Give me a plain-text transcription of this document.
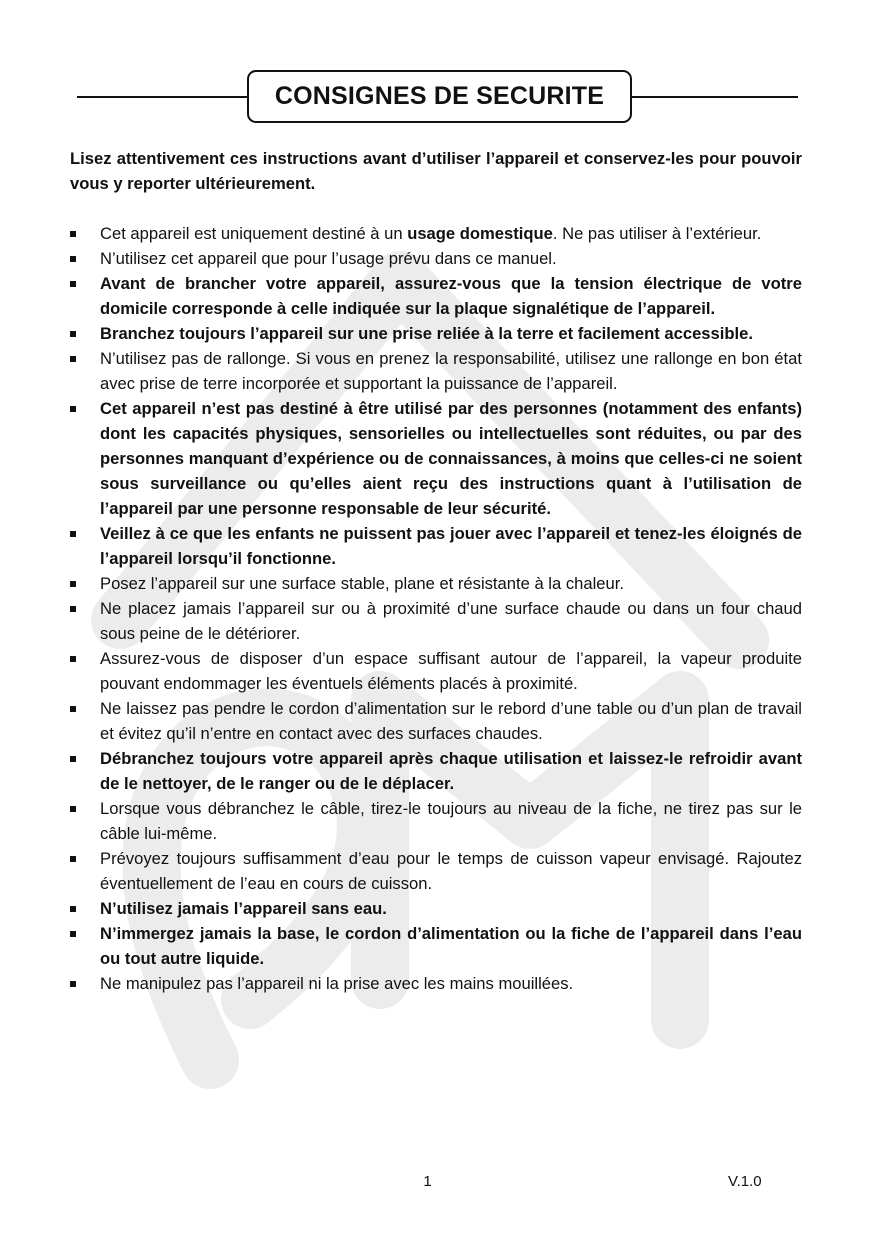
CONSIGNES DE SECURITE

Lisez attentivement ces instructions avant d’utiliser l’appareil et conservez-les pour pouvoir vous y reporter ultérieurement.

Cet appareil est uniquement destiné à un usage domestique. Ne pas utiliser à l’extérieur.
N’utilisez cet appareil que pour l’usage prévu dans ce manuel.
Avant de brancher votre appareil, assurez-vous que la tension électrique de votre domicile corresponde à celle indiquée sur la plaque signalétique de l’appareil.
Branchez toujours l’appareil sur une prise reliée à la terre et facilement accessible.
N’utilisez pas de rallonge. Si vous en prenez la responsabilité, utilisez une rallonge en bon état avec prise de terre incorporée et supportant la puissance de l’appareil.
Cet appareil n’est pas destiné à être utilisé par des personnes (notamment des enfants) dont les capacités physiques, sensorielles ou intellectuelles sont réduites, ou par des personnes manquant d’expérience ou de connaissances, à moins que celles-ci ne soient sous surveillance ou qu’elles aient reçu des instructions quant à l’utilisation de l’appareil par une personne responsable de leur sécurité.
Veillez à ce que les enfants ne puissent pas jouer avec l’appareil et tenez-les éloignés de l’appareil lorsqu’il fonctionne.
Posez l’appareil sur une surface stable, plane et résistante à la chaleur.
Ne placez jamais l’appareil sur ou à proximité d’une surface chaude ou dans un four chaud sous peine de le détériorer.
Assurez-vous de disposer d’un espace suffisant autour de l’appareil, la vapeur produite pouvant endommager les éventuels éléments placés à proximité.
Ne laissez pas pendre le cordon d’alimentation sur le rebord d’une table ou d’un plan de travail et évitez qu’il n’entre en contact avec des surfaces chaudes.
Débranchez toujours votre appareil après chaque utilisation et laissez-le refroidir avant de le nettoyer, de le ranger ou de le déplacer.
Lorsque vous débranchez le câble, tirez-le toujours au niveau de la fiche, ne tirez pas sur le câble lui-même.
Prévoyez toujours suffisamment d’eau pour le temps de cuisson vapeur envisagé. Rajoutez éventuellement de l’eau en cours de cuisson.
N’utilisez jamais l’appareil sans eau.
N’immergez jamais la base, le cordon d’alimentation ou la fiche de l’appareil dans l’eau ou tout autre liquide.
Ne manipulez pas l’appareil ni la prise avec les mains mouillées.
1	V.1.0
